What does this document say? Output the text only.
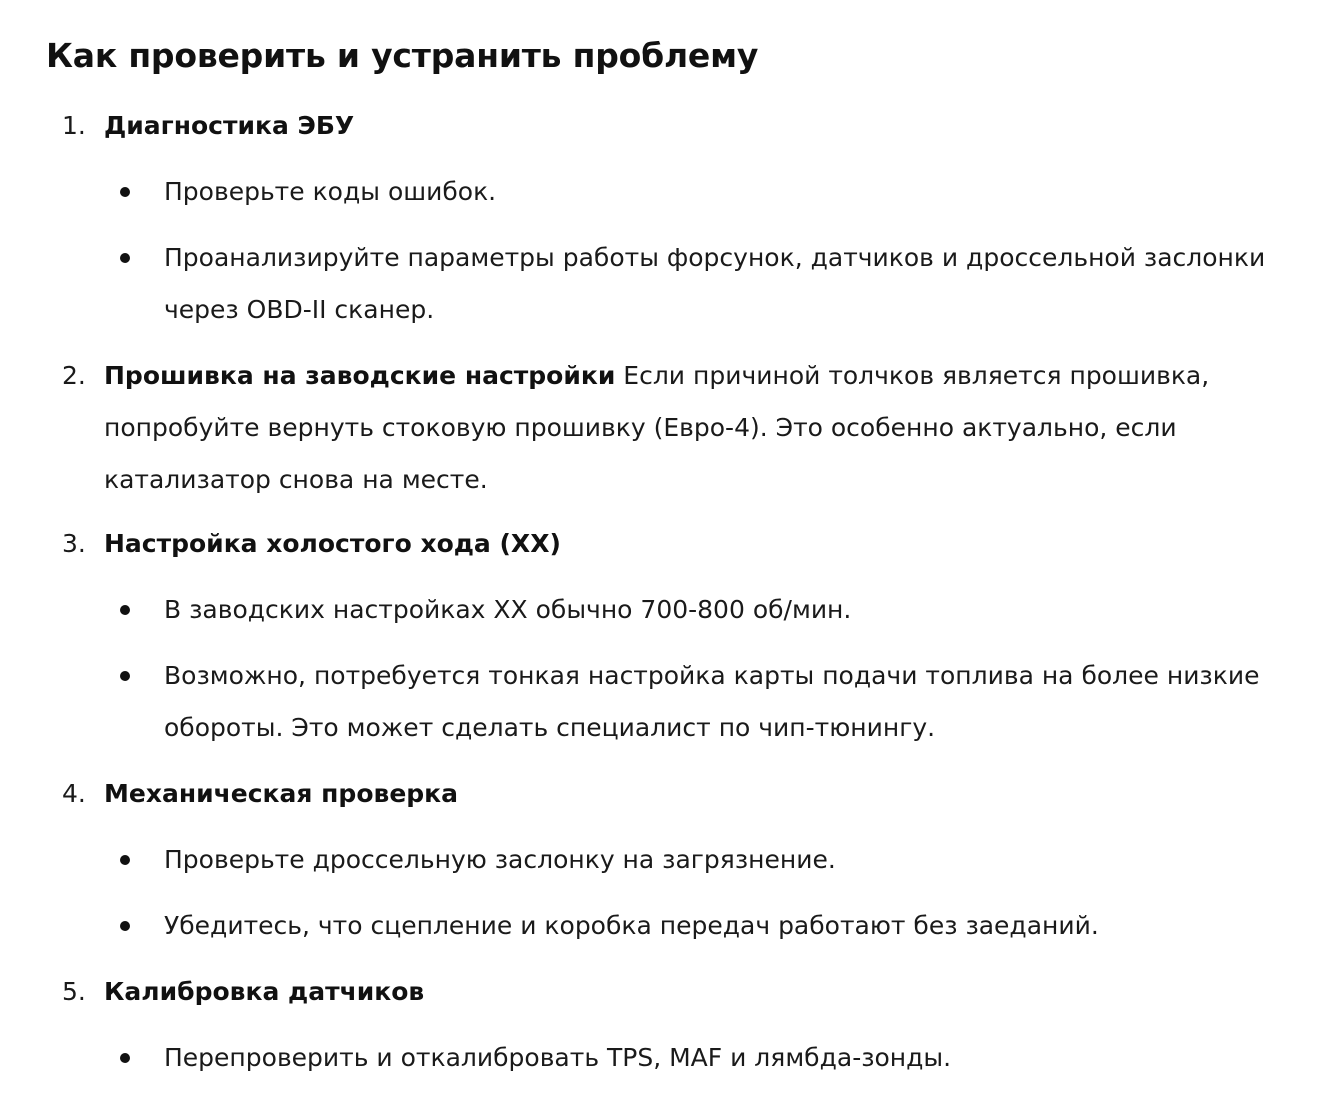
Как проверить и устранить проблему
1. Диагностика ЭБУ
Проверьте коды ошибок.
Проанализируйте параметры работы форсунок, датчиков и дроссельной заслонки через OBD-II сканер.
2. Прошивка на заводские настройки Если причиной толчков является прошивка, попробуйте вернуть стоковую прошивку (Евро-4). Это особенно актуально, если катализатор снова на месте.
3. Настройка холостого хода (ХХ)
В заводских настройках ХХ обычно 700-800 об/мин.
Возможно, потребуется тонкая настройка карты подачи топлива на более низкие обороты. Это может сделать специалист по чип-тюнингу.
4. Механическая проверка
Проверьте дроссельную заслонку на загрязнение.
Убедитесь, что сцепление и коробка передач работают без заеданий.
5. Калибровка датчиков
Перепроверить и откалибровать TPS, MAF и лямбда-зонды.
